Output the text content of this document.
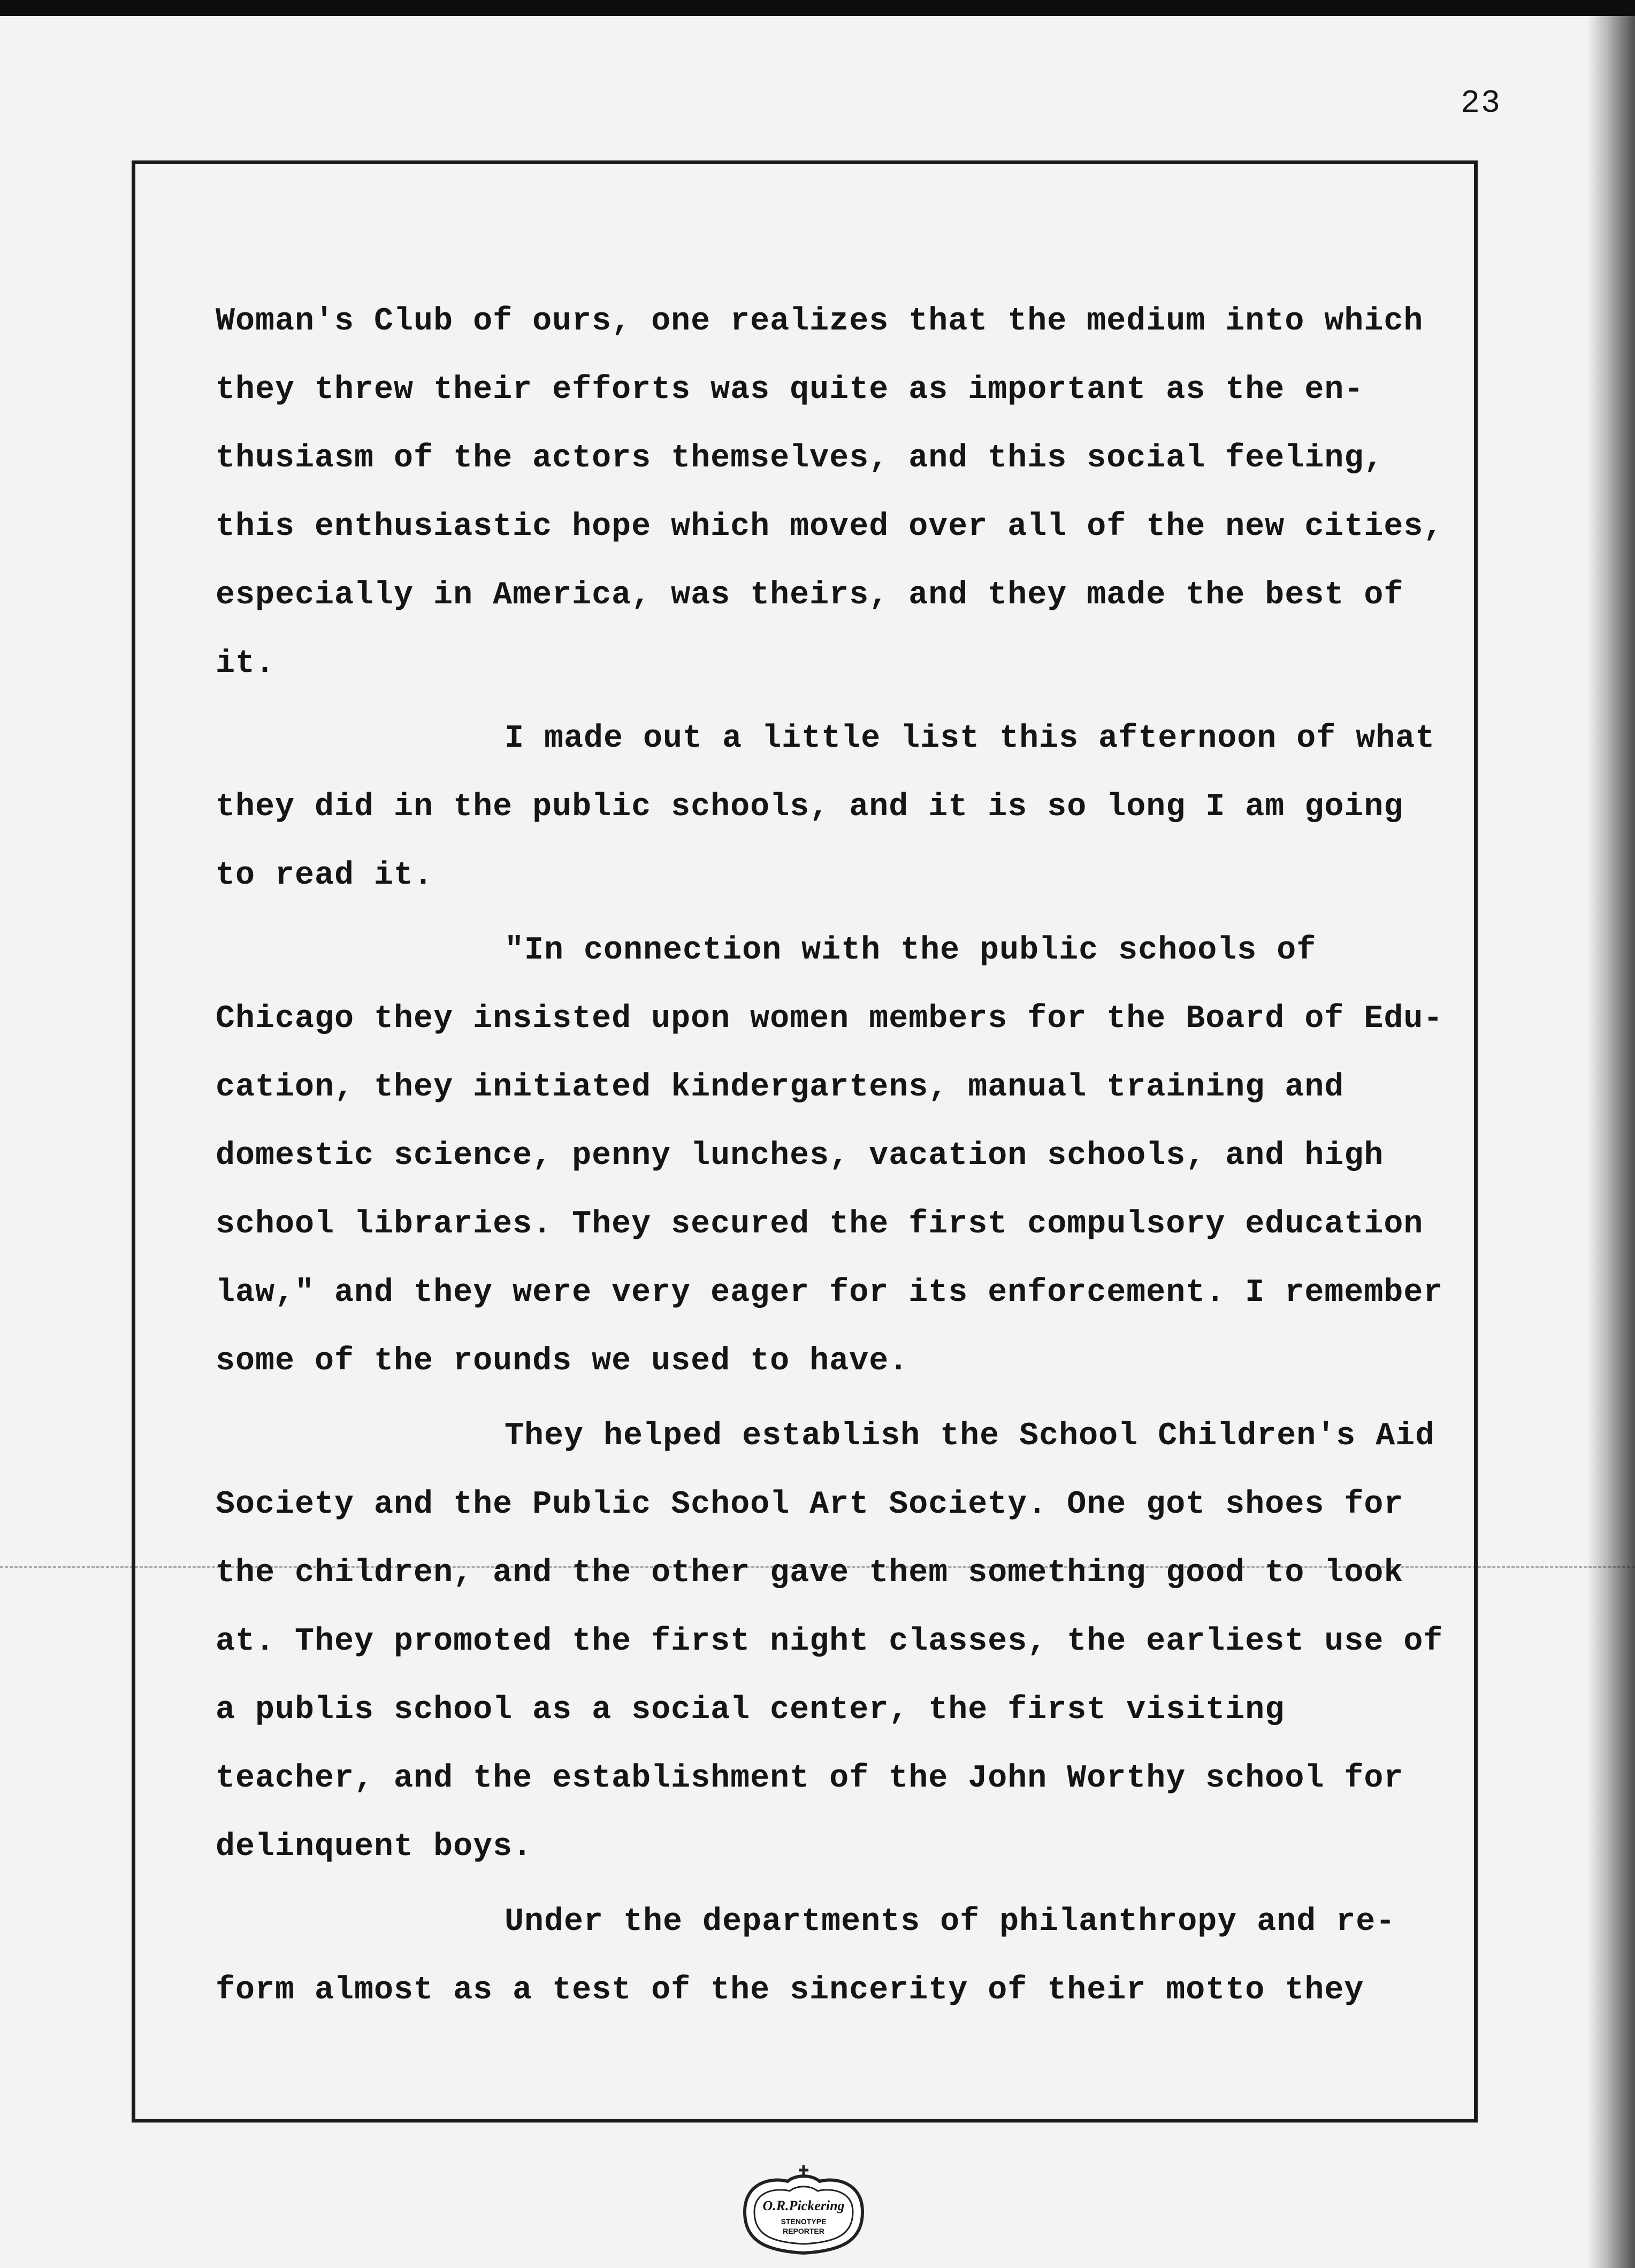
23

Woman's Club of ours, one realizes that the medium into which they threw their efforts was quite as important as the en-thusiasm of the actors themselves, and this social feeling, this enthusiastic hope which moved over all of the new cities, especially in America, was theirs, and they made the best of it.

I made out a little list this afternoon of what they did in the public schools, and it is so long I am going to read it.

"In connection with the public schools of Chicago they insisted upon women members for the Board of Edu-cation, they initiated kindergartens, manual training and domestic science, penny lunches, vacation schools, and high school libraries. They secured the first compulsory education law," and they were very eager for its enforcement. I remember some of the rounds we used to have.

They helped establish the School Children's Aid Society and the Public School Art Society. One got shoes for the children, and the other gave them something good to look at. They promoted the first night classes, the earliest use of a publis school as a social center, the first visiting teacher, and the establishment of the John Worthy school for delinquent boys.

Under the departments of philanthropy and re-form almost as a test of the sincerity of their motto they

O.R.Pickering
STENOTYPE
REPORTER
